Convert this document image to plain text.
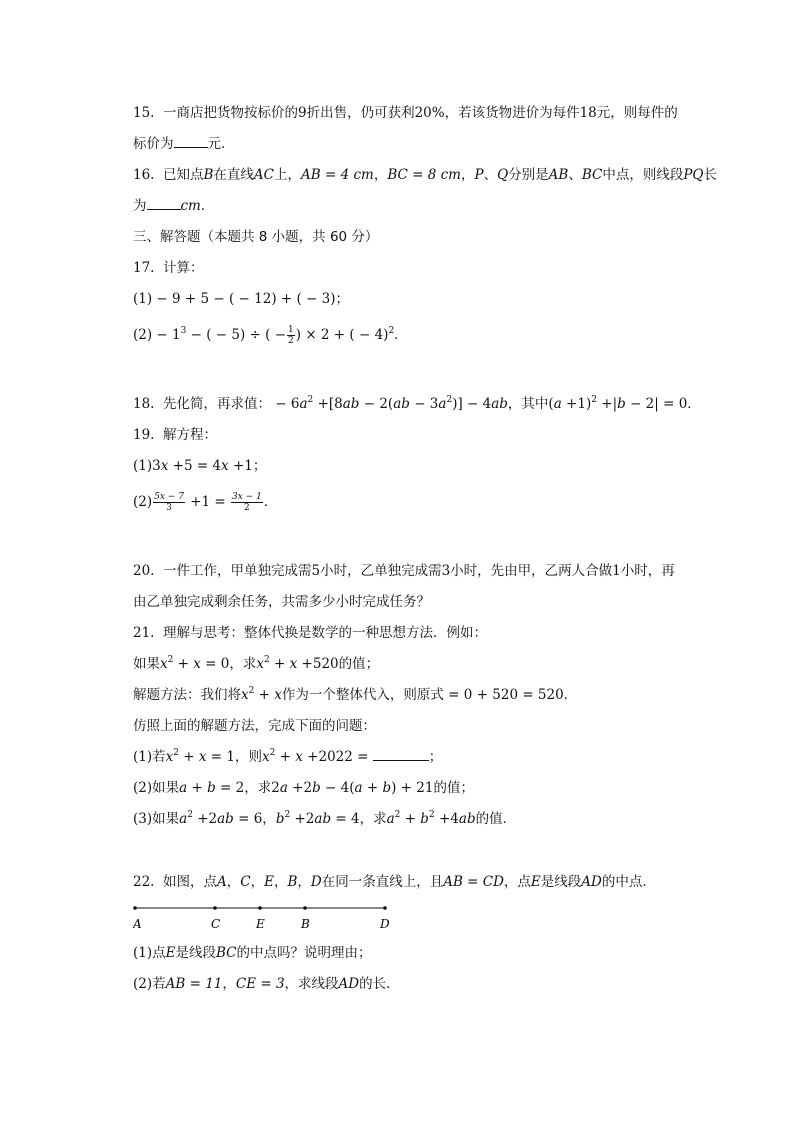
15. 一商店把货物按标价的9折出售，仍可获利20%，若该货物进价为每件18元，则每件的
标价为	元．
16. 已知点B在直线AC上，AB = 4 cm，BC = 8 cm，P、Q分别是AB、BC中点，则线段PQ长
为	cm．
三、解答题（本题共 8 小题，共 60 分）
17. 计算：
(1) − 9 + 5 − ( − 12) + ( − 3)；
$(2) - 1^3$ − ( − 5) ÷ ( − $\frac{1}{2}$ ) × 2 + ( − 4)$^2$．
18. 先化简，再求值： − $6a^2 +[8ab - 2(ab - 3a^2)] - 4ab$，其中$(a +1)^2 +|b - 2| = 0$．
19. 解方程：
(1)3x +5 = 4x +1；
$(2) \frac{5x - 7}{3} +1 = \frac{3x - 1}{2}$ ．
20. 一件工作，甲单独完成需5小时，乙单独完成需3小时，先由甲，乙两人合做1小时，再
由乙单独完成剩余任务，共需多少小时完成任务？
21. 理解与思考：整体代换是数学的一种思想方法．例如：
如果$x^2 + x = 0$，求$x^2 + x +520$的值；
解题方法：我们将$x^2 + x$作为一个整体代入，则原式 = 0 + 520 = 520．
仿照上面的解题方法，完成下面的问题：
(1)若$x^2 + x = 1$，则$x^2 + x +2022$ =	；
(2)如果a + b = 2，求2a +2b − 4(a + b) + 21的值；
(3)如果$a^2 +2ab = 6$，$b^2 +2ab = 4$，求$a^2 + b^2 +4ab$的值．
22. 如图，点A，C，E，B，D在同一条直线上，且AB = CD，点E是线段AD的中点．
A	C	E	B	D
(1)点E是线段BC的中点吗？说明理由；
(2)若AB = 11，CE = 3，求线段AD的长．
